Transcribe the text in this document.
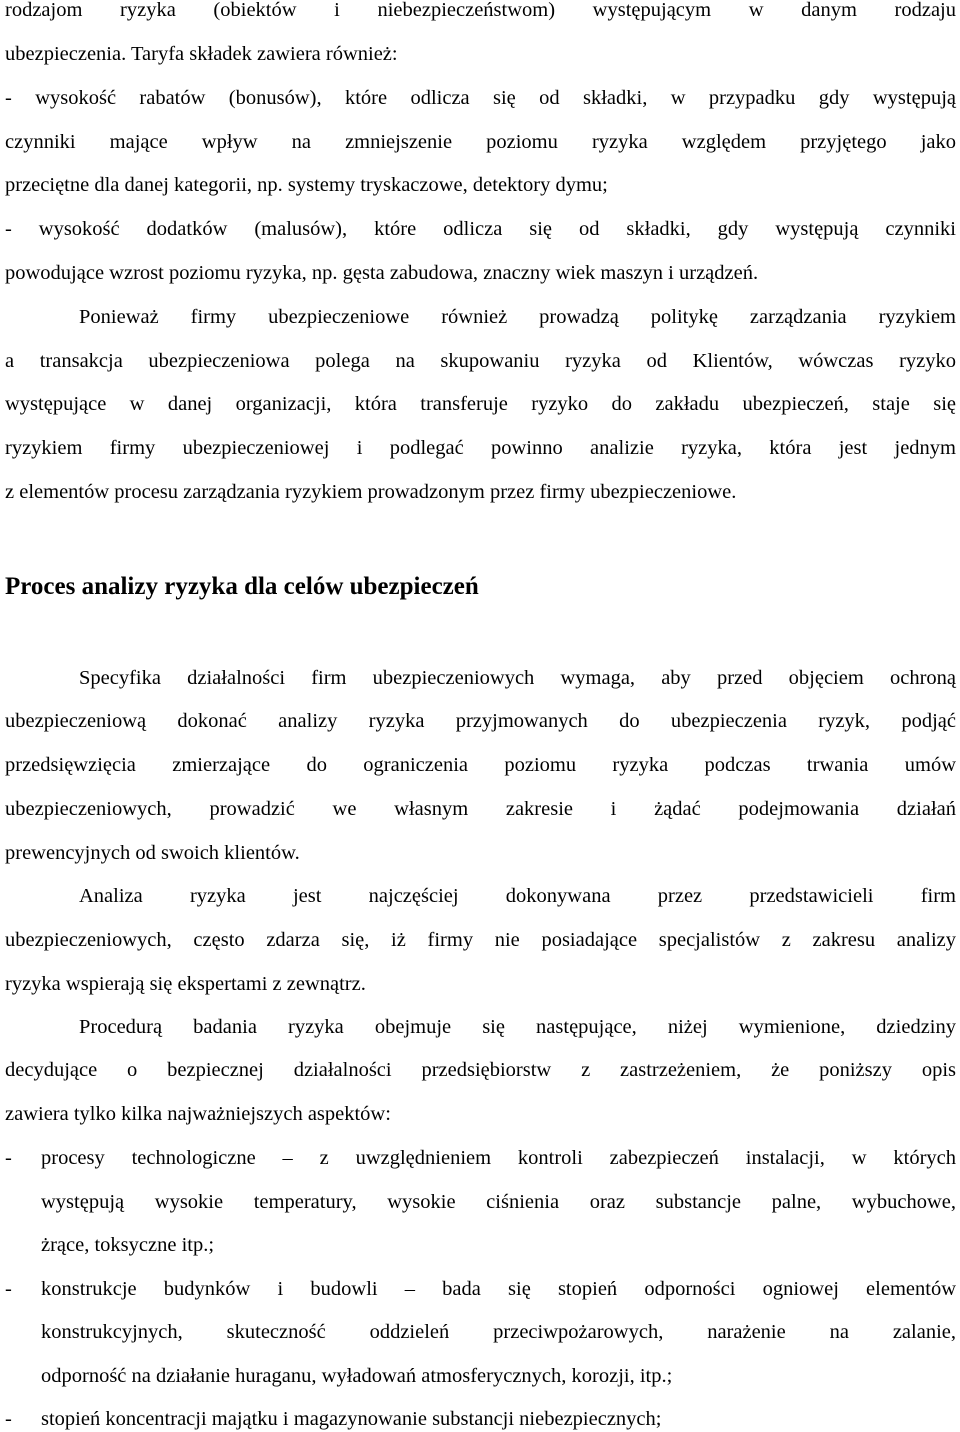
rodzajom ryzyka (obiektów i niebezpieczeństwom) występującym w danym rodzaju
ubezpieczenia. Taryfa składek zawiera również:
- wysokość rabatów (bonusów), które odlicza się od składki, w przypadku gdy występują
czynniki mające wpływ na zmniejszenie poziomu ryzyka względem przyjętego jako
przeciętne dla danej kategorii, np. systemy tryskaczowe, detektory dymu;
- wysokość dodatków (malusów), które odlicza się od składki, gdy występują czynniki
powodujące wzrost poziomu ryzyka, np. gęsta zabudowa, znaczny wiek maszyn i urządzeń.
Ponieważ firmy ubezpieczeniowe również prowadzą politykę zarządzania ryzykiem
a transakcja ubezpieczeniowa polega na skupowaniu ryzyka od Klientów, wówczas ryzyko
występujące w danej organizacji, która transferuje ryzyko do zakładu ubezpieczeń, staje się
ryzykiem firmy ubezpieczeniowej i podlegać powinno analizie ryzyka, która jest jednym
z elementów procesu zarządzania ryzykiem prowadzonym przez firmy ubezpieczeniowe.
Proces analizy ryzyka dla celów ubezpieczeń
Specyfika działalności firm ubezpieczeniowych wymaga, aby przed objęciem ochroną
ubezpieczeniową dokonać analizy ryzyka przyjmowanych do ubezpieczenia ryzyk, podjąć
przedsięwzięcia zmierzające do ograniczenia poziomu ryzyka podczas trwania umów
ubezpieczeniowych, prowadzić we własnym zakresie i żądać podejmowania działań
prewencyjnych od swoich klientów.
Analiza ryzyka jest najczęściej dokonywana przez przedstawicieli firm
ubezpieczeniowych, często zdarza się, iż firmy nie posiadające specjalistów z zakresu analizy
ryzyka wspierają się ekspertami z zewnątrz.
Procedurą badania ryzyka obejmuje się następujące, niżej wymienione, dziedziny
decydujące o bezpiecznej działalności przedsiębiorstw z zastrzeżeniem, że poniższy opis
zawiera tylko kilka najważniejszych aspektów:
-	procesy technologiczne – z uwzględnieniem kontroli zabezpieczeń instalacji, w których
występują wysokie temperatury, wysokie ciśnienia oraz substancje palne, wybuchowe,
żrące, toksyczne itp.;
-	konstrukcje budynków i budowli – bada się stopień odporności ogniowej elementów
konstrukcyjnych, skuteczność oddzieleń przeciwpożarowych, narażenie na zalanie,
odporność na działanie huraganu, wyładowań atmosferycznych, korozji, itp.;
-	stopień koncentracji majątku i magazynowanie substancji niebezpiecznych;
